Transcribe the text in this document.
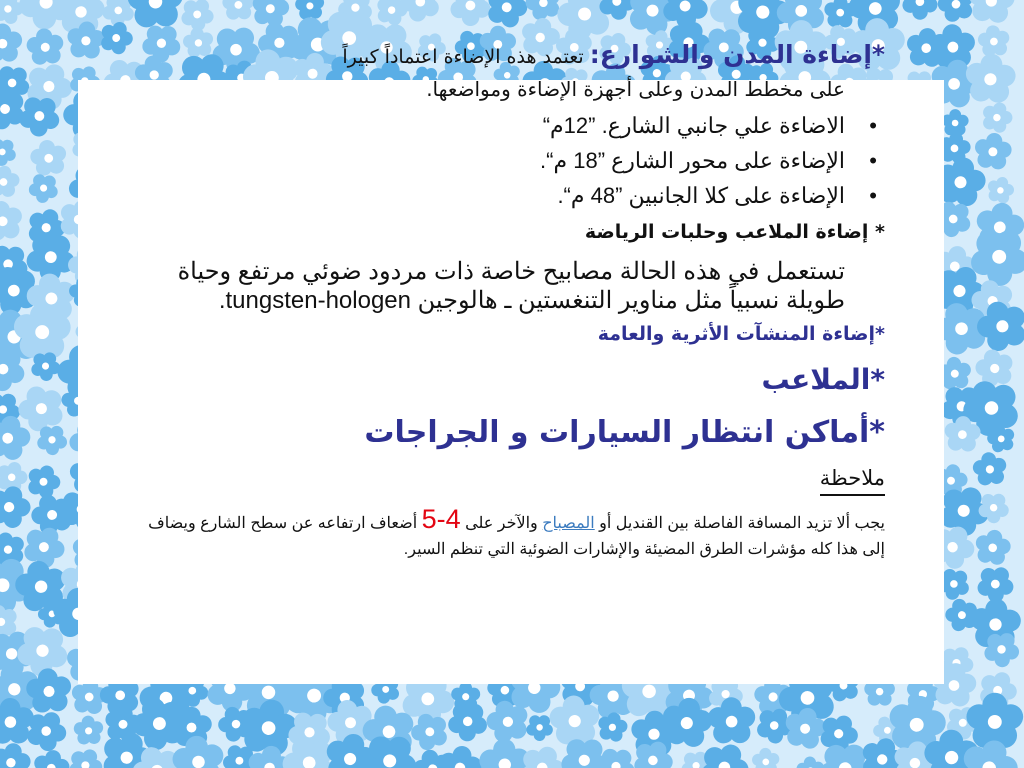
*إضاءة المدن والشوارع: تعتمد هذه الإضاءة اعتماداً كبيراً

على مخطط المدن وعلى أجهزة الإضاءة ومواضعها.

•
الاضاءة علي جانبي الشارع. ”12م“
•
الإضاءة على محور الشارع ”18 م“.
•
الإضاءة على كلا الجانبين ”48 م“.

* إضاءة الملاعب وحلبات الرياضة

تستعمل في هذه الحالة مصابيح خاصة ذات مردود ضوئي مرتفع وحياة طويلة نسبياً مثل مناوير التنغستين ـ هالوجين tungsten-hologen.

*إضاءة المنشآت الأثرية والعامة

*الملاعب

*أماكن انتظار السيارات و الجراجات

ملاحظة

يجب ألا تزيد المسافة الفاصلة بين القنديل أو المصباح والآخر على 4-5 أضعاف ارتفاعه عن سطح الشارع ويضاف إلى هذا كله مؤشرات الطرق المضيئة والإشارات الضوئية التي تنظم السير.
